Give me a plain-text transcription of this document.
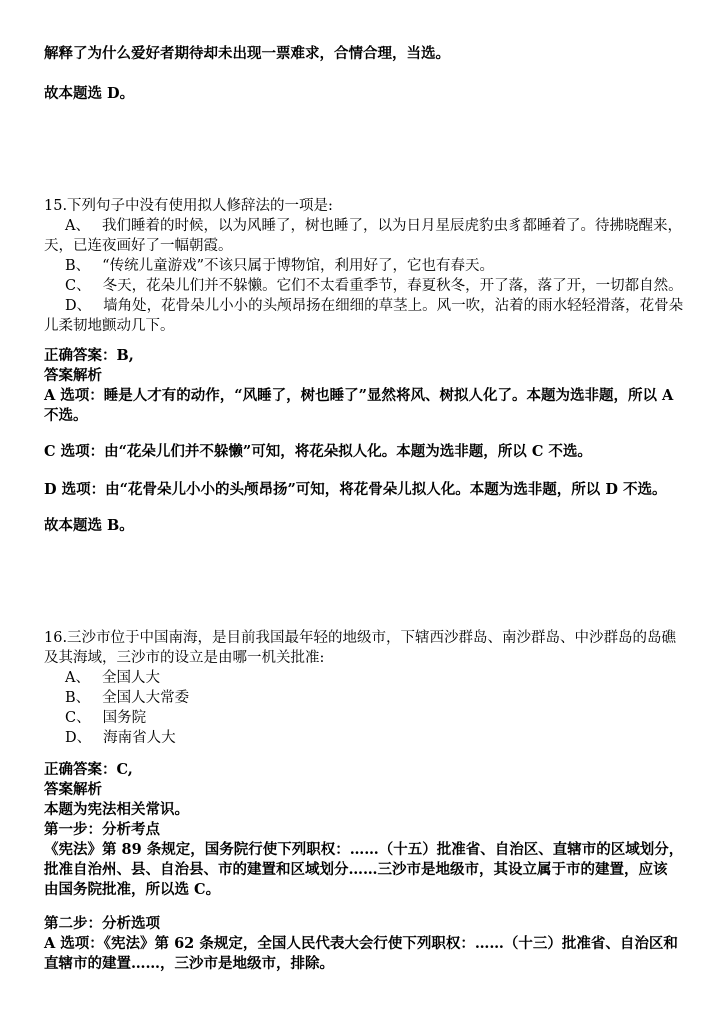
解释了为什么爱好者期待却未出现一票难求，合情合理，当选。
故本题选 D。
15.下列句子中没有使用拟人修辞法的一项是:
A、 我们睡着的时候，以为风睡了，树也睡了，以为日月星辰虎豹虫豸都睡着了。待拂晓醒来，
天，已连夜画好了一幅朝霞。
B、 “传统儿童游戏”不该只属于博物馆，利用好了，它也有春天。
C、 冬天，花朵儿们并不躲懒。它们不太看重季节，春夏秋冬，开了落，落了开，一切都自然。
D、 墙角处，花骨朵儿小小的头颅昂扬在细细的草茎上。风一吹，沾着的雨水轻轻滑落，花骨朵
儿柔韧地颤动几下。
正确答案：B,
答案解析
A 选项：睡是人才有的动作，“风睡了，树也睡了”显然将风、树拟人化了。本题为选非题，所以 A
不选。
C 选项：由“花朵儿们并不躲懒”可知，将花朵拟人化。本题为选非题，所以 C 不选。
D 选项：由“花骨朵儿小小的头颅昂扬”可知，将花骨朵儿拟人化。本题为选非题，所以 D 不选。
故本题选 B。
16.三沙市位于中国南海，是目前我国最年轻的地级市，下辖西沙群岛、南沙群岛、中沙群岛的岛礁
及其海域，三沙市的设立是由哪一机关批准:
A、 全国人大
B、 全国人大常委
C、 国务院
D、 海南省人大
正确答案：C,
答案解析
本题为宪法相关常识。
第一步：分析考点
《宪法》第 89 条规定，国务院行使下列职权：……（十五）批准省、自治区、直辖市的区域划分，
批准自治州、县、自治县、市的建置和区域划分……三沙市是地级市，其设立属于市的建置，应该
由国务院批准，所以选 C。
第二步：分析选项
A 选项：《宪法》第 62 条规定，全国人民代表大会行使下列职权：……（十三）批准省、自治区和
直辖市的建置……，三沙市是地级市，排除。
